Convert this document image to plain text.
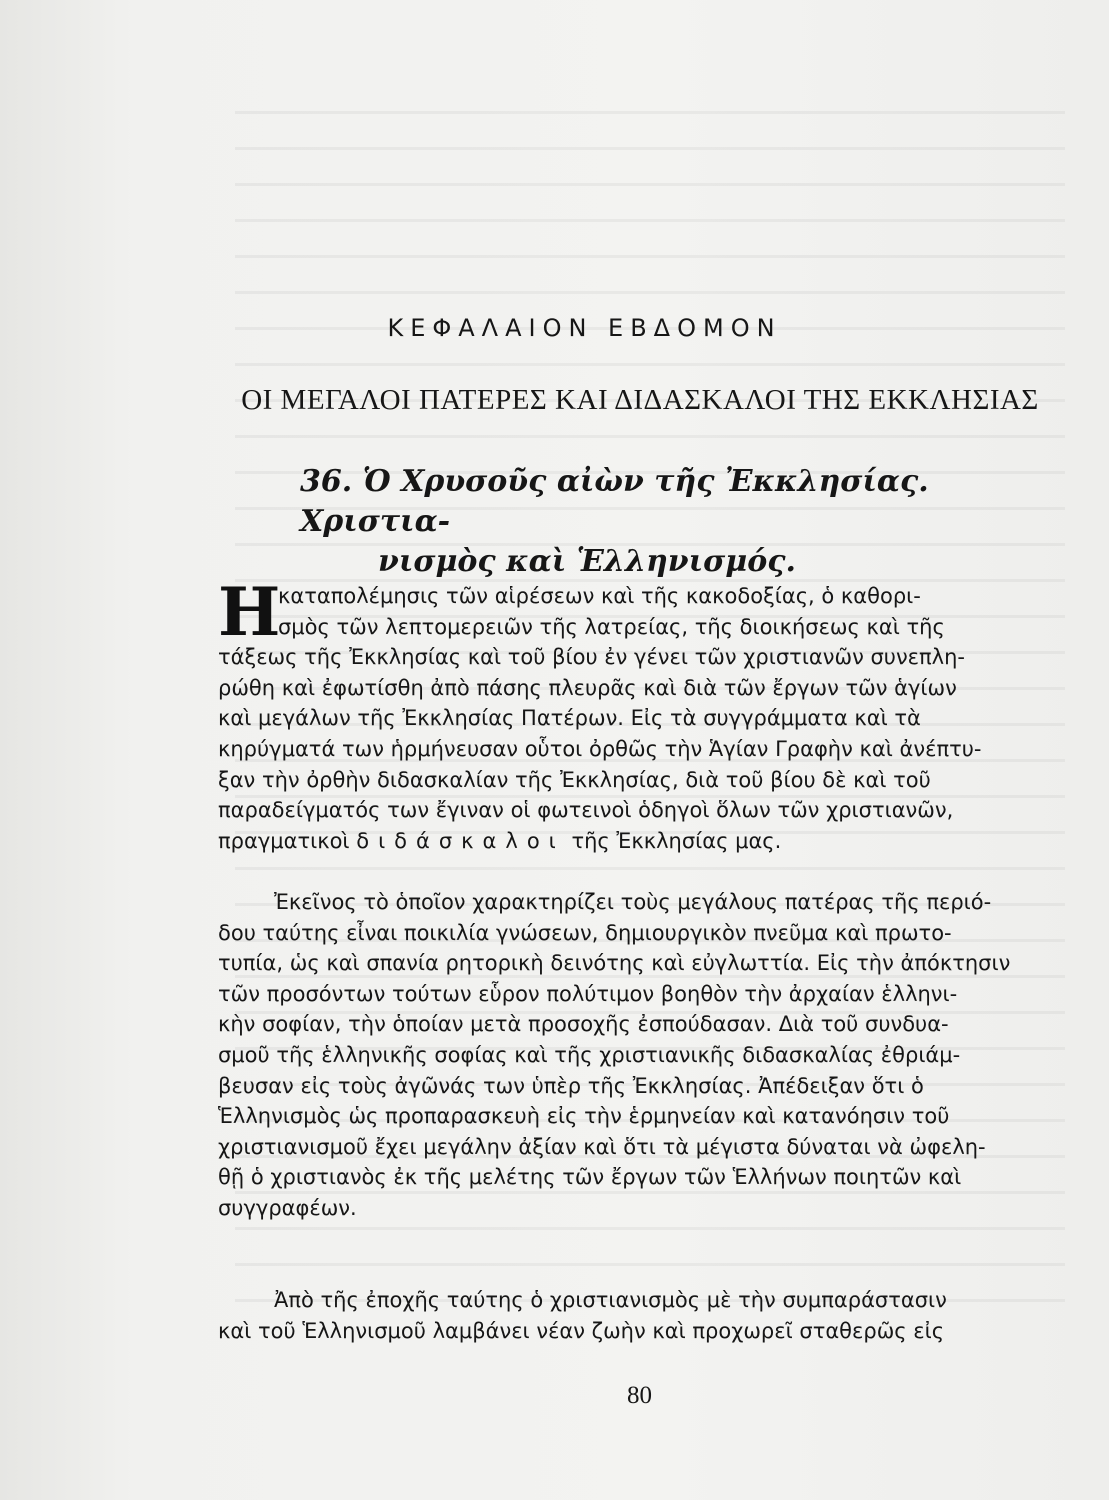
ΚΕΦΑΛΑΙΟΝ ΕΒΔΟΜΟΝ
ΟΙ ΜΕΓΑΛΟΙ ΠΑΤΕΡΕΣ ΚΑΙ ΔΙΔΑΣΚΑΛΟΙ ΤΗΣ ΕΚΚΛΗΣΙΑΣ
36. Ὁ Χρυσοῦς αἰὼν τῆς Ἐκκλησίας. Χριστια-
νισμὸς καὶ Ἑλληνισμός.
Η
καταπολέμησις τῶν αἱρέσεων καὶ τῆς κακοδοξίας, ὁ καθορι-
σμὸς τῶν λεπτομερειῶν τῆς λατρείας, τῆς διοικήσεως καὶ τῆς
τάξεως τῆς Ἐκκλησίας καὶ τοῦ βίου ἐν γένει τῶν χριστιανῶν συνεπλη-
ρώθη καὶ ἐφωτίσθη ἀπὸ πάσης πλευρᾶς καὶ διὰ τῶν ἔργων τῶν ἁγίων
καὶ μεγάλων τῆς Ἐκκλησίας Πατέρων. Εἰς τὰ συγγράμματα καὶ τὰ
κηρύγματά των ἡρμήνευσαν οὗτοι ὀρθῶς τὴν Ἁγίαν Γραφὴν καὶ ἀνέπτυ-
ξαν τὴν ὀρθὴν διδασκαλίαν τῆς Ἐκκλησίας, διὰ τοῦ βίου δὲ καὶ τοῦ
παραδείγματός των ἔγιναν οἱ φωτεινοὶ ὁδηγοὶ ὅλων τῶν χριστιανῶν,
πραγματικοὶ διδάσκαλοι τῆς Ἐκκλησίας μας.
Ἐκεῖνος τὸ ὁποῖον χαρακτηρίζει τοὺς μεγάλους πατέρας τῆς περιό-
δου ταύτης εἶναι ποικιλία γνώσεων, δημιουργικὸν πνεῦμα καὶ πρωτο-
τυπία, ὡς καὶ σπανία ρητορικὴ δεινότης καὶ εὐγλωττία. Εἰς τὴν ἀπόκτησιν
τῶν προσόντων τούτων εὗρον πολύτιμον βοηθὸν τὴν ἀρχαίαν ἑλληνι-
κὴν σοφίαν, τὴν ὁποίαν μετὰ προσοχῆς ἐσπούδασαν. Διὰ τοῦ συνδυα-
σμοῦ τῆς ἑλληνικῆς σοφίας καὶ τῆς χριστιανικῆς διδασκαλίας ἐθριάμ-
βευσαν εἰς τοὺς ἀγῶνάς των ὑπὲρ τῆς Ἐκκλησίας. Ἀπέδειξαν ὅτι ὁ
Ἑλληνισμὸς ὡς προπαρασκευὴ εἰς τὴν ἑρμηνείαν καὶ κατανόησιν τοῦ
χριστιανισμοῦ ἔχει μεγάλην ἀξίαν καὶ ὅτι τὰ μέγιστα δύναται νὰ ὠφελη-
θῇ ὁ χριστιανὸς ἐκ τῆς μελέτης τῶν ἔργων τῶν Ἑλλήνων ποιητῶν καὶ
συγγραφέων.
Ἀπὸ τῆς ἐποχῆς ταύτης ὁ χριστιανισμὸς μὲ τὴν συμπαράστασιν
καὶ τοῦ Ἑλληνισμοῦ λαμβάνει νέαν ζωὴν καὶ προχωρεῖ σταθερῶς εἰς
80
